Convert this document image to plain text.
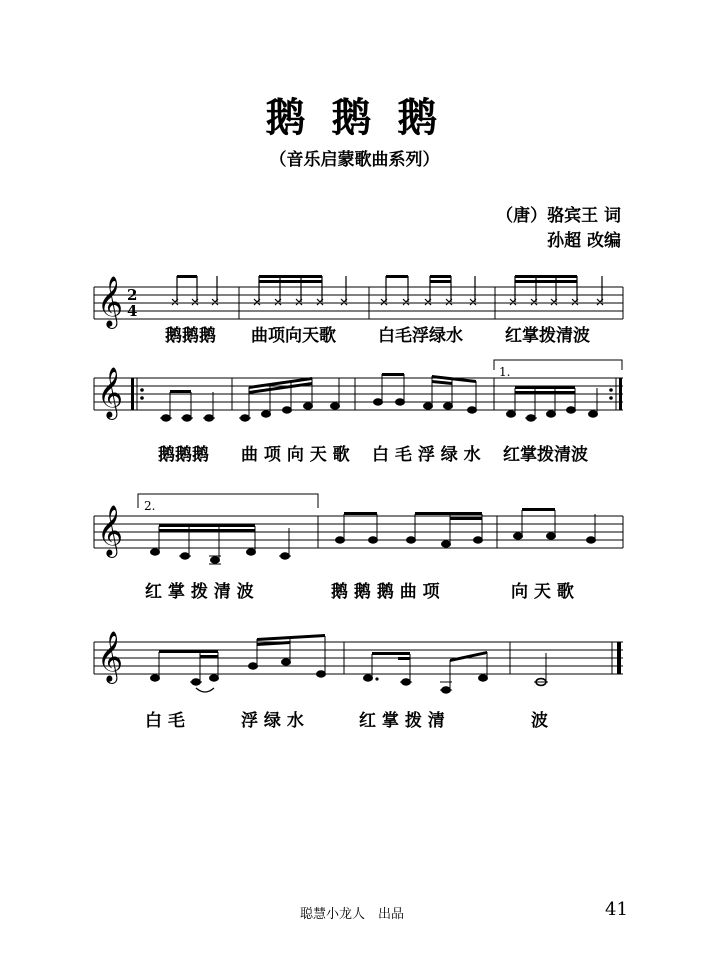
鹅 鹅 鹅
（音乐启蒙歌曲系列）
（唐）骆宾王 词
孙超 改编
𝄞 2
4
𝄞	1.
𝄞 2.
𝄞
鹅鹅鹅 曲项向天歌 白毛浮绿水 红掌拨清波
鹅鹅鹅 曲 项 向 天 歌 白 毛 浮 绿 水 红掌拨清波
红 掌 拨 清 波	鹅 鹅 鹅 曲 项	向 天 歌
白 毛	浮 绿 水	红 掌 拨 清	波
聪慧小龙人　出品	41
